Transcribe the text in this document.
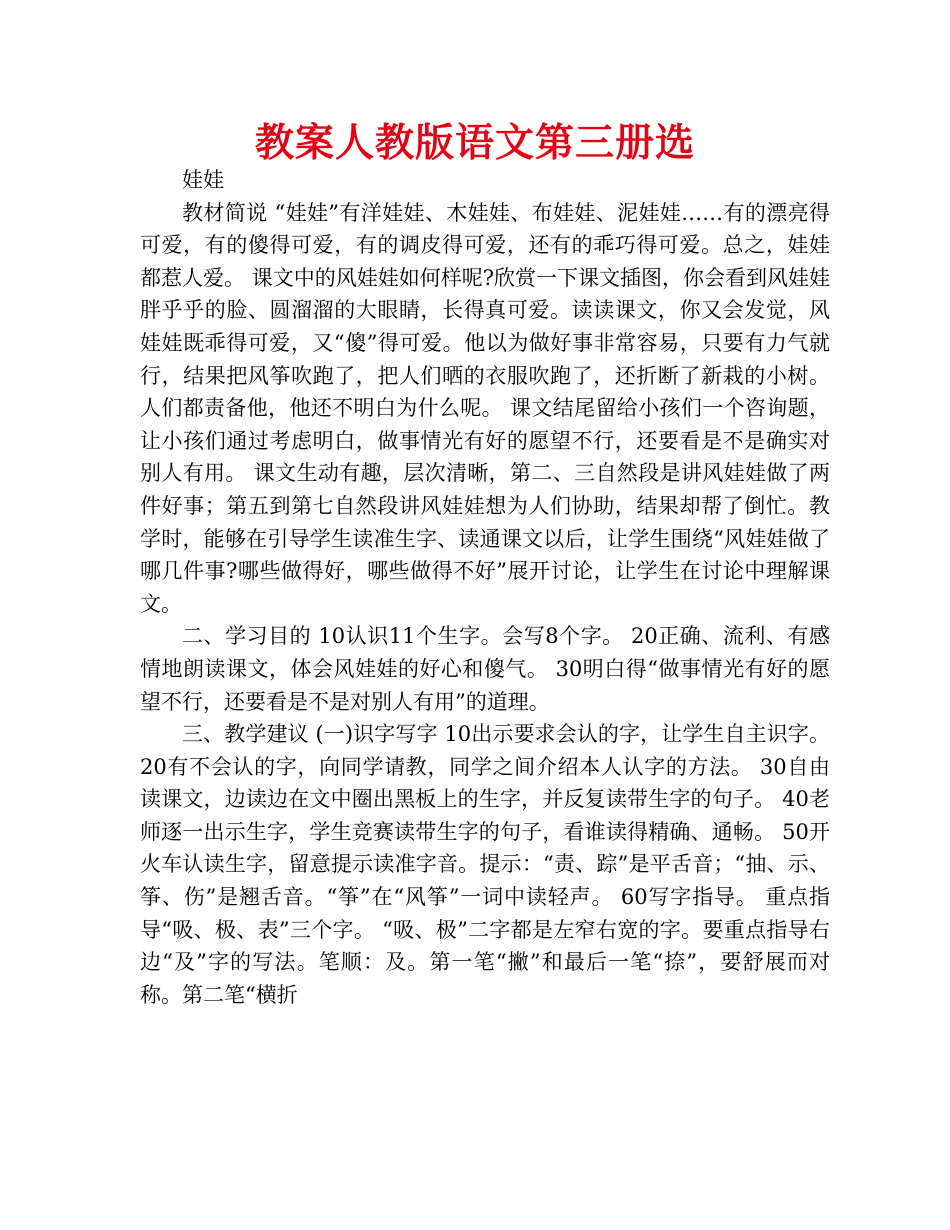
教案人教版语文第三册选

娃娃

教材简说 “娃娃”有洋娃娃、木娃娃、布娃娃、泥娃娃……有的漂亮得可爱，有的傻得可爱，有的调皮得可爱，还有的乖巧得可爱。总之，娃娃都惹人爱。 课文中的风娃娃如何样呢?欣赏一下课文插图，你会看到风娃娃胖乎乎的脸、圆溜溜的大眼睛，长得真可爱。读读课文，你又会发觉，风娃娃既乖得可爱，又“傻”得可爱。他以为做好事非常容易，只要有力气就行，结果把风筝吹跑了，把人们晒的衣服吹跑了，还折断了新栽的小树。人们都责备他，他还不明白为什么呢。 课文结尾留给小孩们一个咨询题，让小孩们通过考虑明白，做事情光有好的愿望不行，还要看是不是确实对别人有用。 课文生动有趣，层次清晰，第二、三自然段是讲风娃娃做了两件好事；第五到第七自然段讲风娃娃想为人们协助，结果却帮了倒忙。教学时，能够在引导学生读准生字、读通课文以后，让学生围绕“风娃娃做了哪几件事?哪些做得好，哪些做得不好”展开讨论，让学生在讨论中理解课文。

二、学习目的 10认识11个生字。会写8个字。 20正确、流利、有感情地朗读课文，体会风娃娃的好心和傻气。 30明白得“做事情光有好的愿望不行，还要看是不是对别人有用”的道理。

三、教学建议 (一)识字写字 10出示要求会认的字，让学生自主识字。 20有不会认的字，向同学请教，同学之间介绍本人认字的方法。 30自由读课文，边读边在文中圈出黑板上的生字，并反复读带生字的句子。 40老师逐一出示生字，学生竞赛读带生字的句子，看谁读得精确、通畅。 50开火车认读生字，留意提示读准字音。提示：“责、踪”是平舌音；“抽、示、筝、伤”是翘舌音。“筝”在“风筝”一词中读轻声。 60写字指导。 重点指导“吸、极、表”三个字。 “吸、极”二字都是左窄右宽的字。要重点指导右边“及”字的写法。笔顺：及。第一笔“撇”和最后一笔“捺”，要舒展而对称。第二笔“横折
